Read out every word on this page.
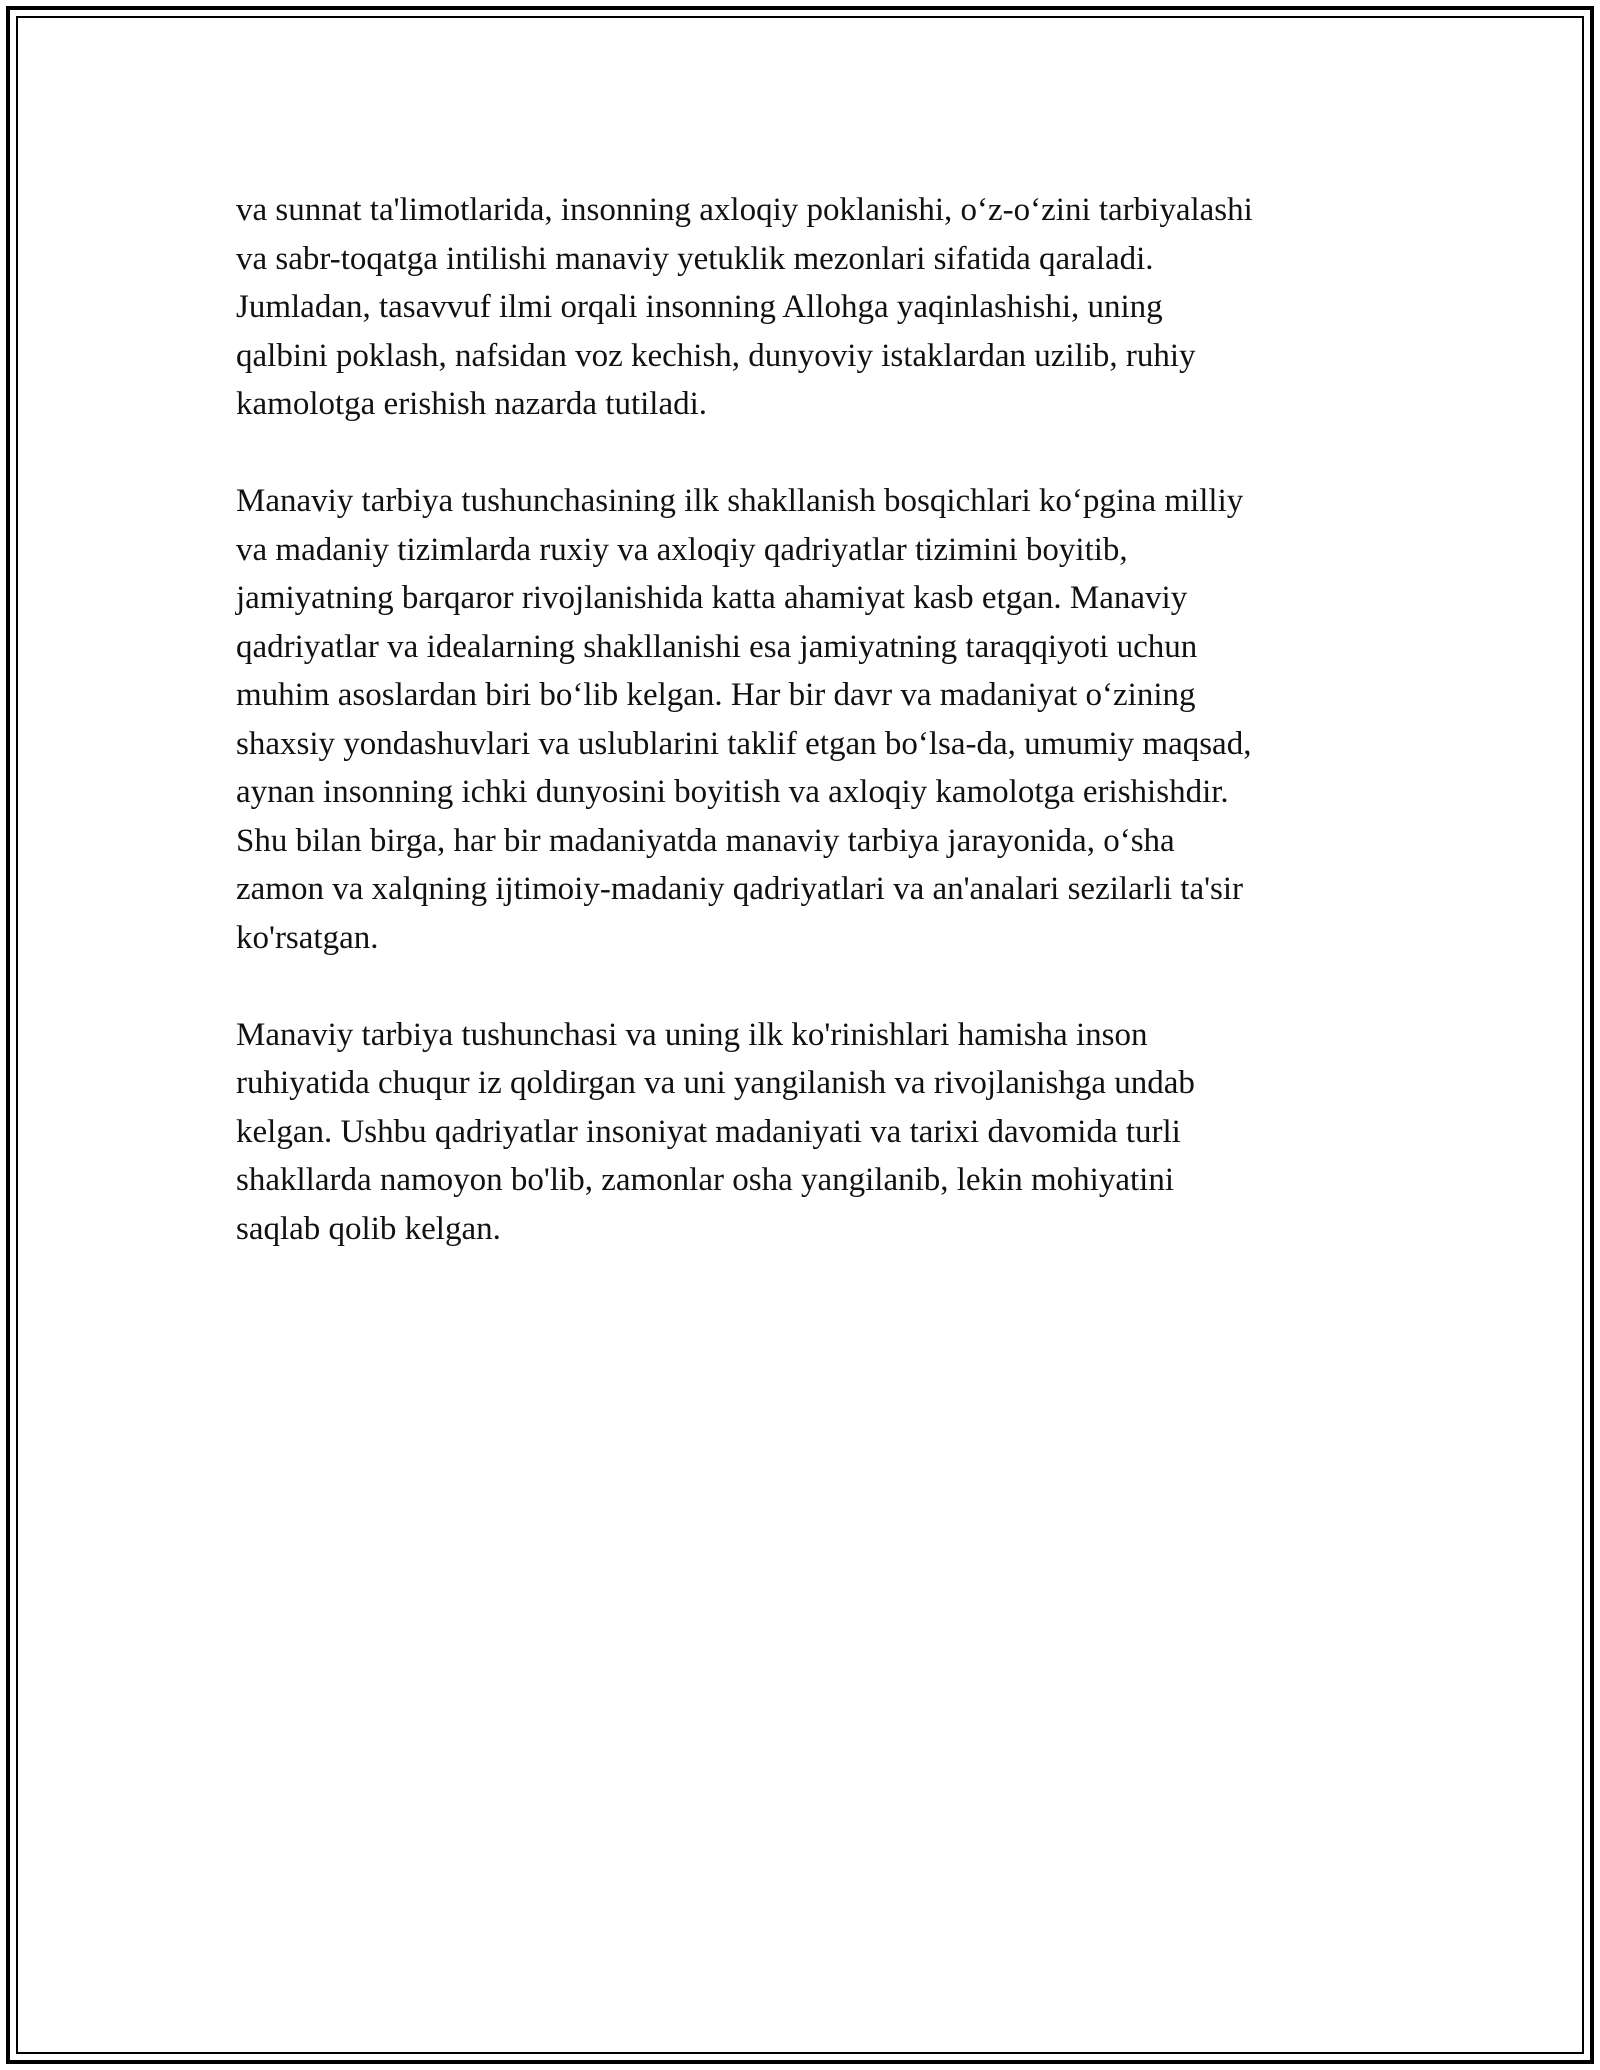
va sunnat ta'limotlarida, insonning axloqiy poklanishi, o‘z-o‘zini tarbiyalashi
va sabr-toqatga intilishi manaviy yetuklik mezonlari sifatida qaraladi.
Jumladan, tasavvuf ilmi orqali insonning Allohga yaqinlashishi, uning
qalbini poklash, nafsidan voz kechish, dunyoviy istaklardan uzilib, ruhiy
kamolotga erishish nazarda tutiladi.

Manaviy tarbiya tushunchasining ilk shakllanish bosqichlari ko‘pgina milliy
va madaniy tizimlarda ruxiy va axloqiy qadriyatlar tizimini boyitib,
jamiyatning barqaror rivojlanishida katta ahamiyat kasb etgan. Manaviy
qadriyatlar va idealarning shakllanishi esa jamiyatning taraqqiyoti uchun
muhim asoslardan biri bo‘lib kelgan. Har bir davr va madaniyat o‘zining
shaxsiy yondashuvlari va uslublarini taklif etgan bo‘lsa-da, umumiy maqsad,
aynan insonning ichki dunyosini boyitish va axloqiy kamolotga erishishdir.
Shu bilan birga, har bir madaniyatda manaviy tarbiya jarayonida, o‘sha
zamon va xalqning ijtimoiy-madaniy qadriyatlari va an'analari sezilarli ta'sir
ko'rsatgan.

Manaviy tarbiya tushunchasi va uning ilk ko'rinishlari hamisha inson
ruhiyatida chuqur iz qoldirgan va uni yangilanish va rivojlanishga undab
kelgan. Ushbu qadriyatlar insoniyat madaniyati va tarixi davomida turli
shakllarda namoyon bo'lib, zamonlar osha yangilanib, lekin mohiyatini
saqlab qolib kelgan.
